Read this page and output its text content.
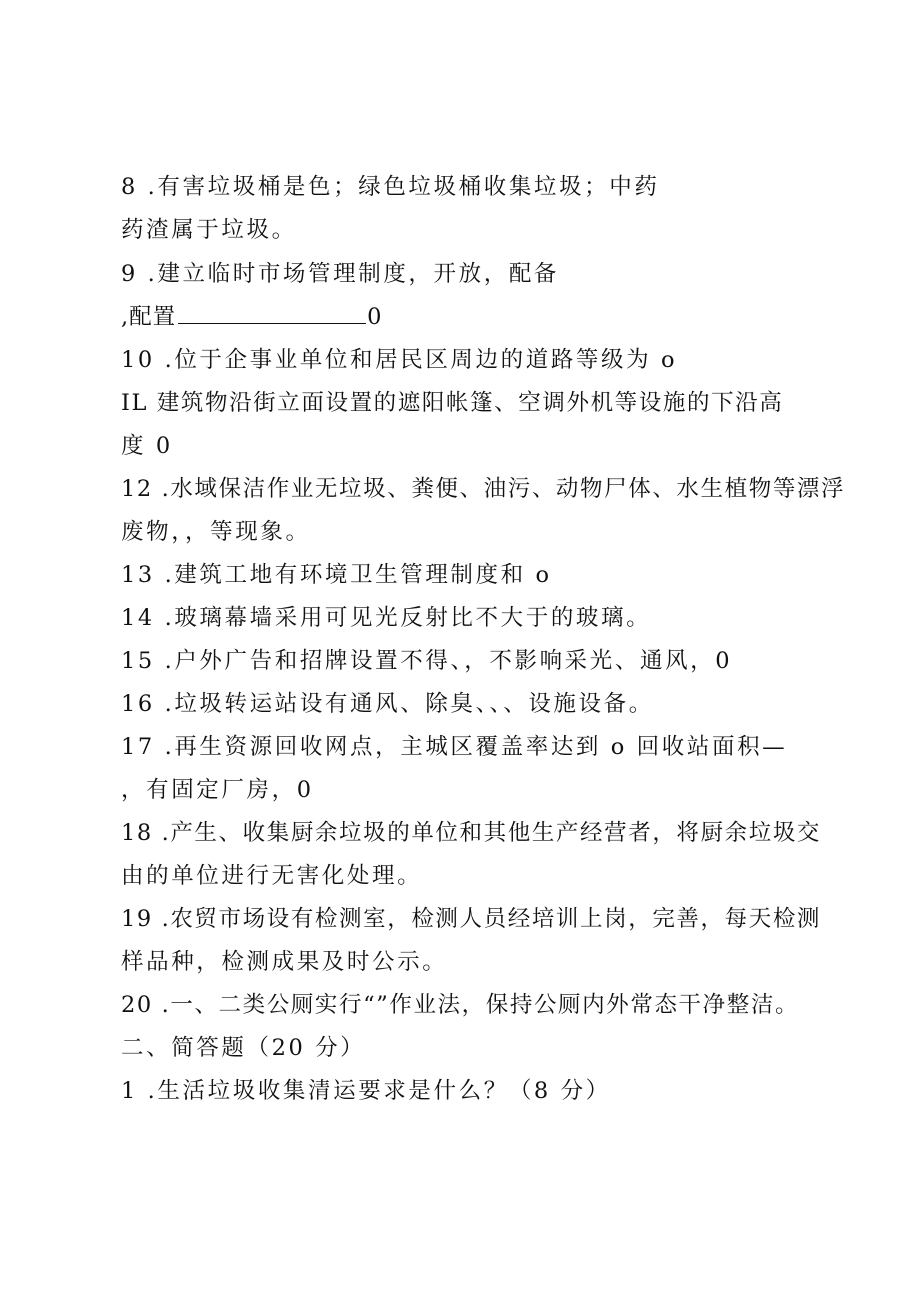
8 .有害垃圾桶是色；绿色垃圾桶收集垃圾；中药
药渣属于垃圾。
9 .建立临时市场管理制度，开放，配备
,配置	0
10 .位于企事业单位和居民区周边的道路等级为 o
IL 建筑物沿街立面设置的遮阳帐篷、空调外机等设施的下沿高
度 0
12 .水域保洁作业无垃圾、粪便、油污、动物尸体、水生植物等漂浮
废物，，等现象。
13 .建筑工地有环境卫生管理制度和 o
14 .玻璃幕墙采用可见光反射比不大于的玻璃。
15 .户外广告和招牌设置不得、，不影响采光、通风，0
16 .垃圾转运站设有通风、除臭、、、设施设备。
17 .再生资源回收网点，主城区覆盖率达到 o 回收站面积—
，有固定厂房，0
18 .产生、收集厨余垃圾的单位和其他生产经营者，将厨余垃圾交
由的单位进行无害化处理。
19 .农贸市场设有检测室，检测人员经培训上岗，完善，每天检测
样品种，检测成果及时公示。
20 .一、二类公厕实行“”作业法，保持公厕内外常态干净整洁。
二、简答题（20 分）
1 .生活垃圾收集清运要求是什么？（8 分）
